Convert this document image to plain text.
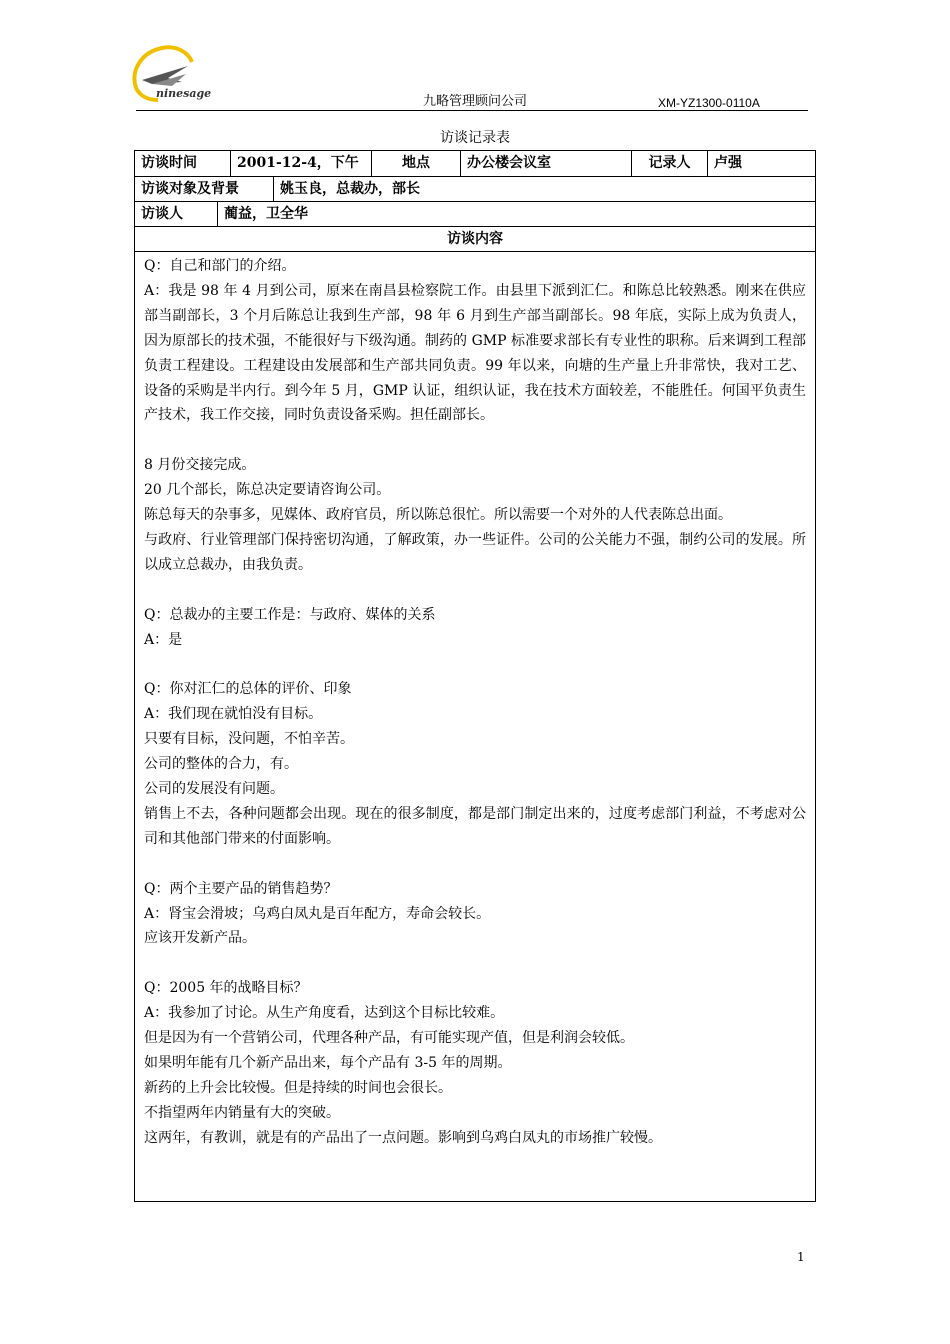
ninesage
九略管理顾问公司	XM-YZ1300-0110A
访谈记录表
访谈时间	2001-12-4，下午	地点	办公楼会议室	记录人	卢强
访谈对象及背景	姚玉良，总裁办，部长
访谈人	蔺益，卫全华
访谈内容
Q：自己和部门的介绍。
A：我是 98 年 4 月到公司，原来在南昌县检察院工作。由县里下派到汇仁。和陈总比较熟悉。刚来在供应部当副部长，3 个月后陈总让我到生产部，98 年 6 月到生产部当副部长。98 年底，实际上成为负责人，因为原部长的技术强，不能很好与下级沟通。制药的 GMP 标准要求部长有专业性的职称。后来调到工程部负责工程建设。工程建设由发展部和生产部共同负责。99 年以来，向塘的生产量上升非常快，我对工艺、设备的采购是半内行。到今年 5 月，GMP 认证，组织认证，我在技术方面较差，不能胜任。何国平负责生产技术，我工作交接，同时负责设备采购。担任副部长。
8 月份交接完成。
20 几个部长，陈总决定要请咨询公司。
陈总每天的杂事多，见媒体、政府官员，所以陈总很忙。所以需要一个对外的人代表陈总出面。
与政府、行业管理部门保持密切沟通，了解政策，办一些证件。公司的公关能力不强，制约公司的发展。所以成立总裁办，由我负责。
Q：总裁办的主要工作是：与政府、媒体的关系
A：是
Q：你对汇仁的总体的评价、印象
A：我们现在就怕没有目标。
只要有目标，没问题，不怕辛苦。
公司的整体的合力，有。
公司的发展没有问题。
销售上不去，各种问题都会出现。现在的很多制度，都是部门制定出来的，过度考虑部门利益，不考虑对公司和其他部门带来的付面影响。
Q：两个主要产品的销售趋势？
A：肾宝会滑坡；乌鸡白凤丸是百年配方，寿命会较长。
应该开发新产品。
Q：2005 年的战略目标？
A：我参加了讨论。从生产角度看，达到这个目标比较难。
但是因为有一个营销公司，代理各种产品，有可能实现产值，但是利润会较低。
如果明年能有几个新产品出来，每个产品有 3-5 年的周期。
新药的上升会比较慢。但是持续的时间也会很长。
不指望两年内销量有大的突破。
这两年，有教训，就是有的产品出了一点问题。影响到乌鸡白凤丸的市场推广较慢。
1
